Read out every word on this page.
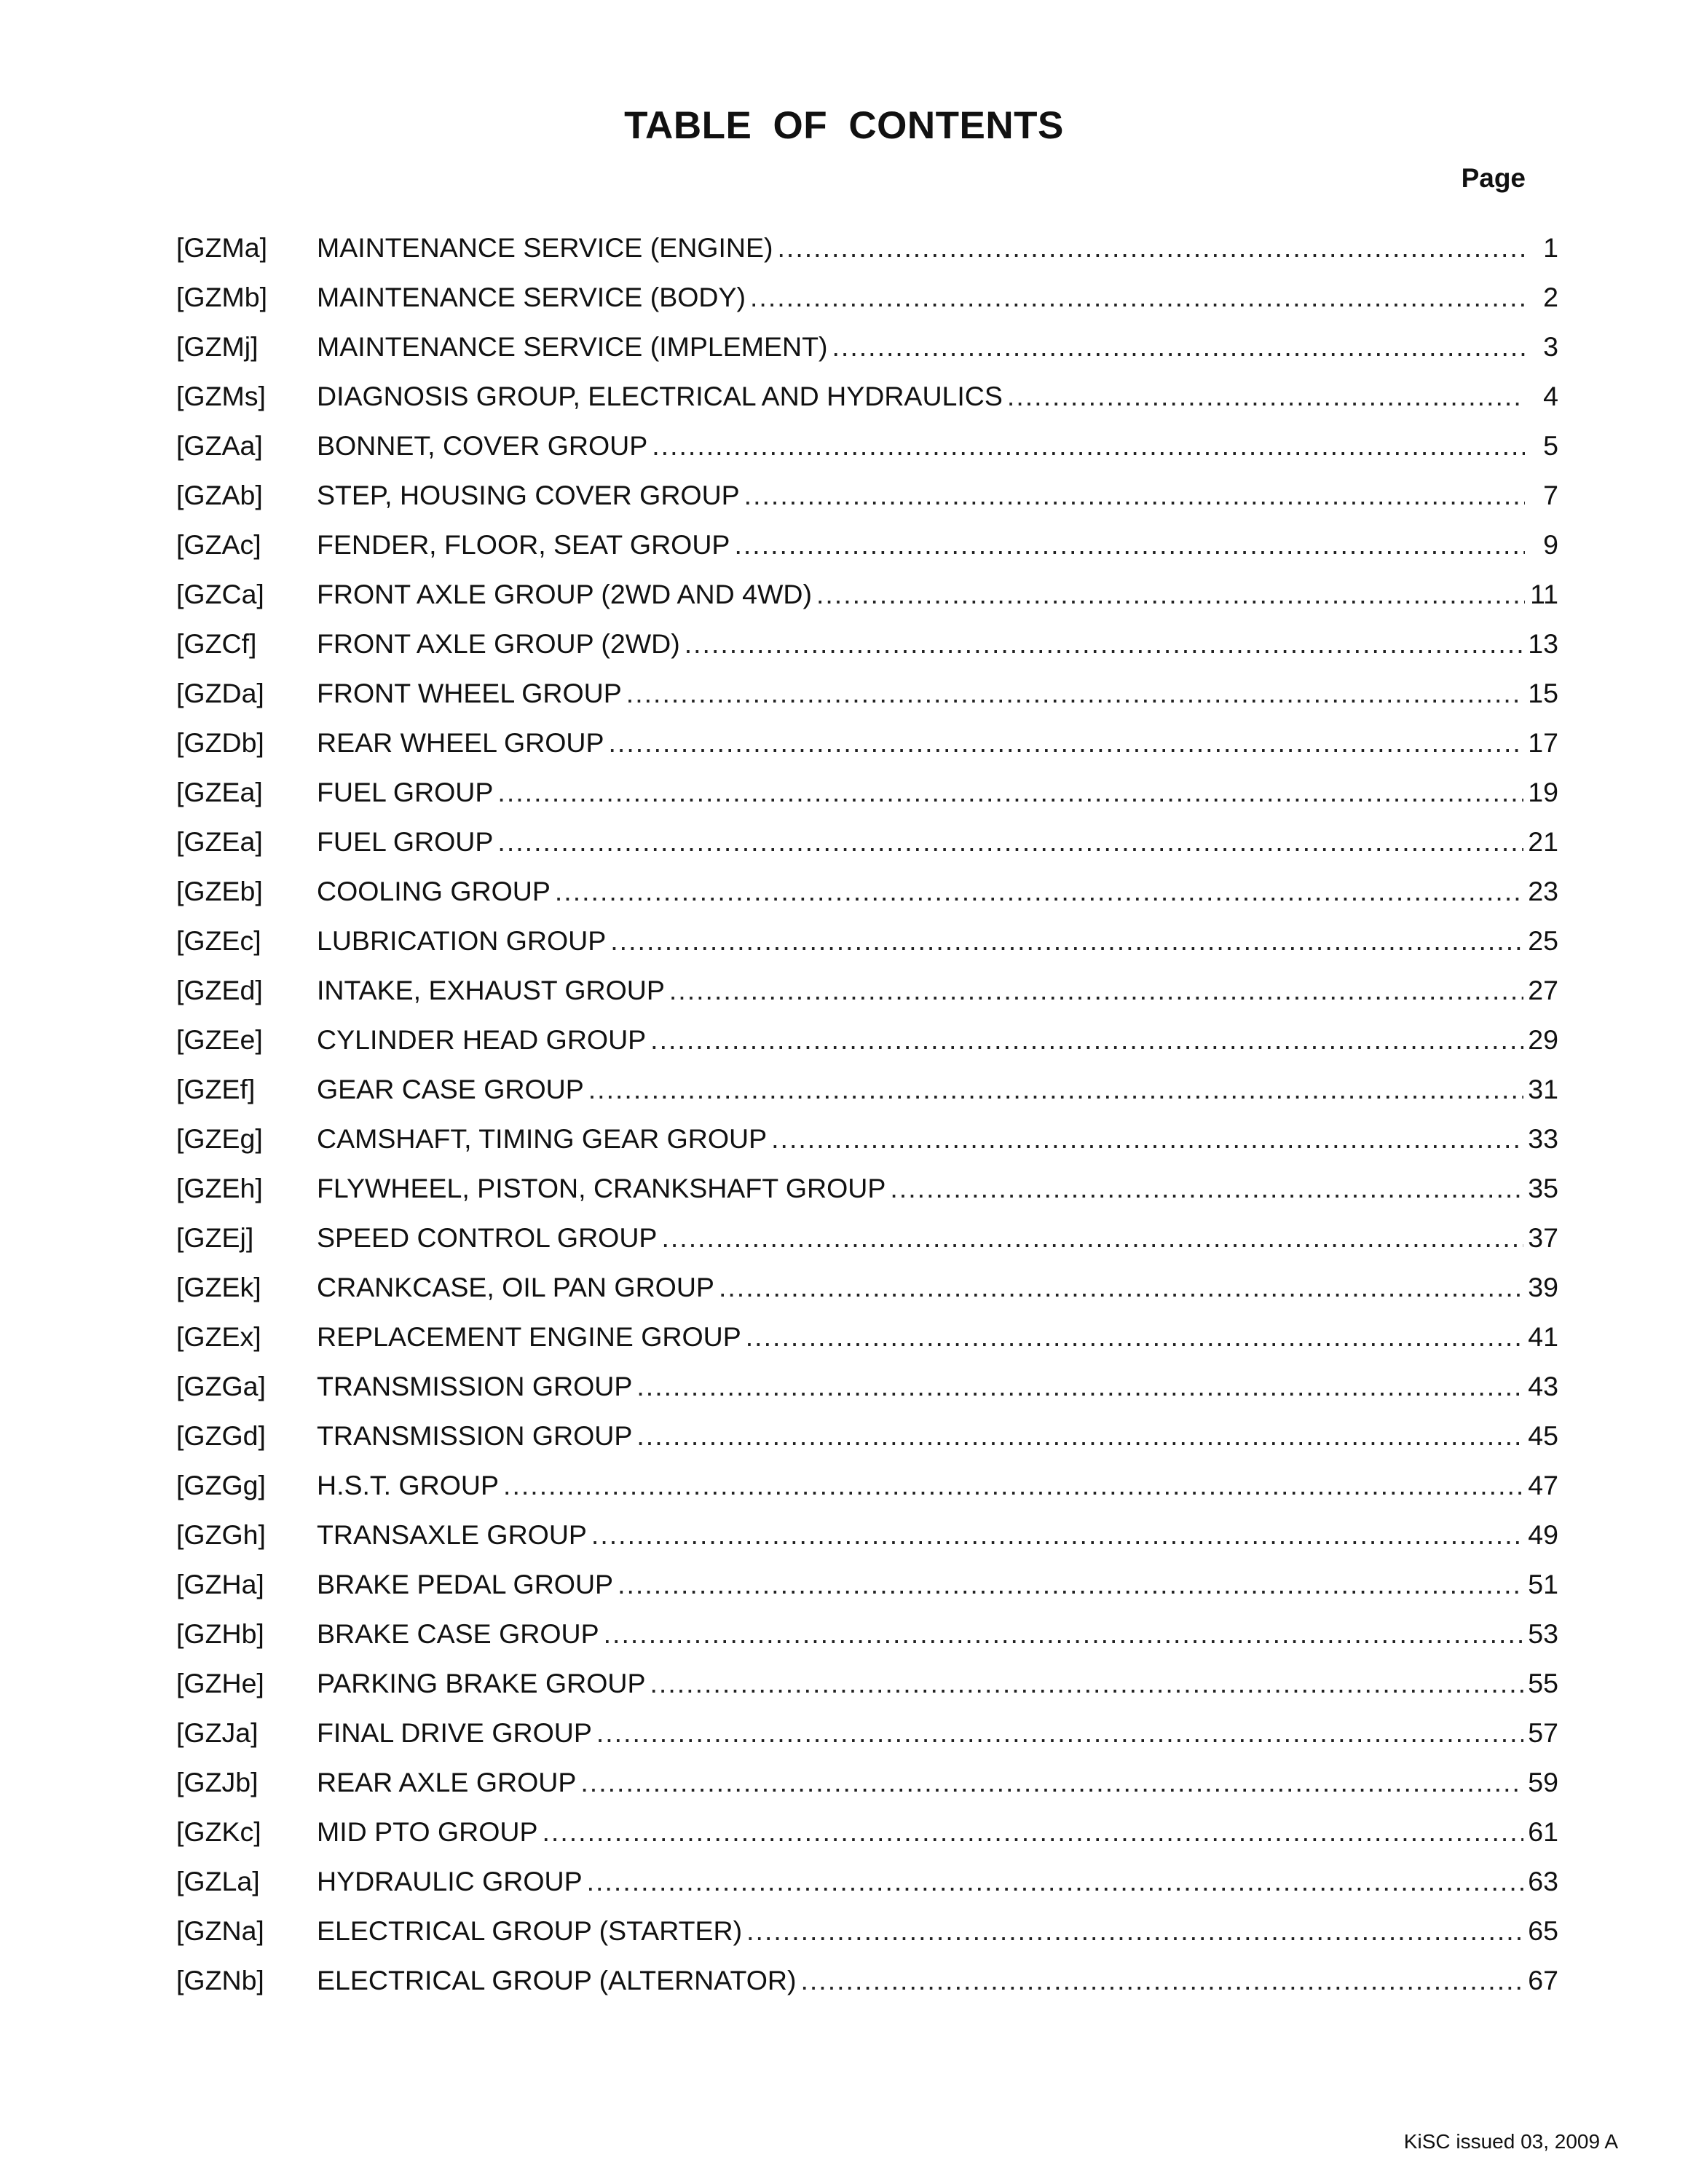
TABLE OF CONTENTS
Page
[GZMa]	MAINTENANCE SERVICE (ENGINE) .....	1
[GZMb]	MAINTENANCE SERVICE (BODY) .....	2
[GZMj]	MAINTENANCE SERVICE (IMPLEMENT) .....	3
[GZMs]	DIAGNOSIS GROUP, ELECTRICAL AND HYDRAULICS .....	4
[GZAa]	BONNET, COVER GROUP .....	5
[GZAb]	STEP, HOUSING COVER GROUP .....	7
[GZAc]	FENDER, FLOOR, SEAT GROUP .....	9
[GZCa]	FRONT AXLE GROUP (2WD AND 4WD) .....	11
[GZCf]	FRONT AXLE GROUP (2WD) .....	13
[GZDa]	FRONT WHEEL GROUP .....	15
[GZDb]	REAR WHEEL GROUP .....	17
[GZEa]	FUEL GROUP .....	19
[GZEa]	FUEL GROUP .....	21
[GZEb]	COOLING GROUP .....	23
[GZEc]	LUBRICATION GROUP .....	25
[GZEd]	INTAKE, EXHAUST GROUP .....	27
[GZEe]	CYLINDER HEAD GROUP .....	29
[GZEf]	GEAR CASE GROUP .....	31
[GZEg]	CAMSHAFT, TIMING GEAR GROUP .....	33
[GZEh]	FLYWHEEL, PISTON, CRANKSHAFT GROUP .....	35
[GZEj]	SPEED CONTROL GROUP .....	37
[GZEk]	CRANKCASE, OIL PAN GROUP .....	39
[GZEx]	REPLACEMENT ENGINE GROUP .....	41
[GZGa]	TRANSMISSION GROUP .....	43
[GZGd]	TRANSMISSION GROUP .....	45
[GZGg]	H.S.T. GROUP .....	47
[GZGh]	TRANSAXLE GROUP .....	49
[GZHa]	BRAKE PEDAL GROUP .....	51
[GZHb]	BRAKE CASE GROUP .....	53
[GZHe]	PARKING BRAKE GROUP .....	55
[GZJa]	FINAL DRIVE GROUP .....	57
[GZJb]	REAR AXLE GROUP .....	59
[GZKc]	MID PTO GROUP .....	61
[GZLa]	HYDRAULIC GROUP .....	63
[GZNa]	ELECTRICAL GROUP (STARTER) .....	65
[GZNb]	ELECTRICAL GROUP (ALTERNATOR) .....	67
KiSC issued 03, 2009 A
